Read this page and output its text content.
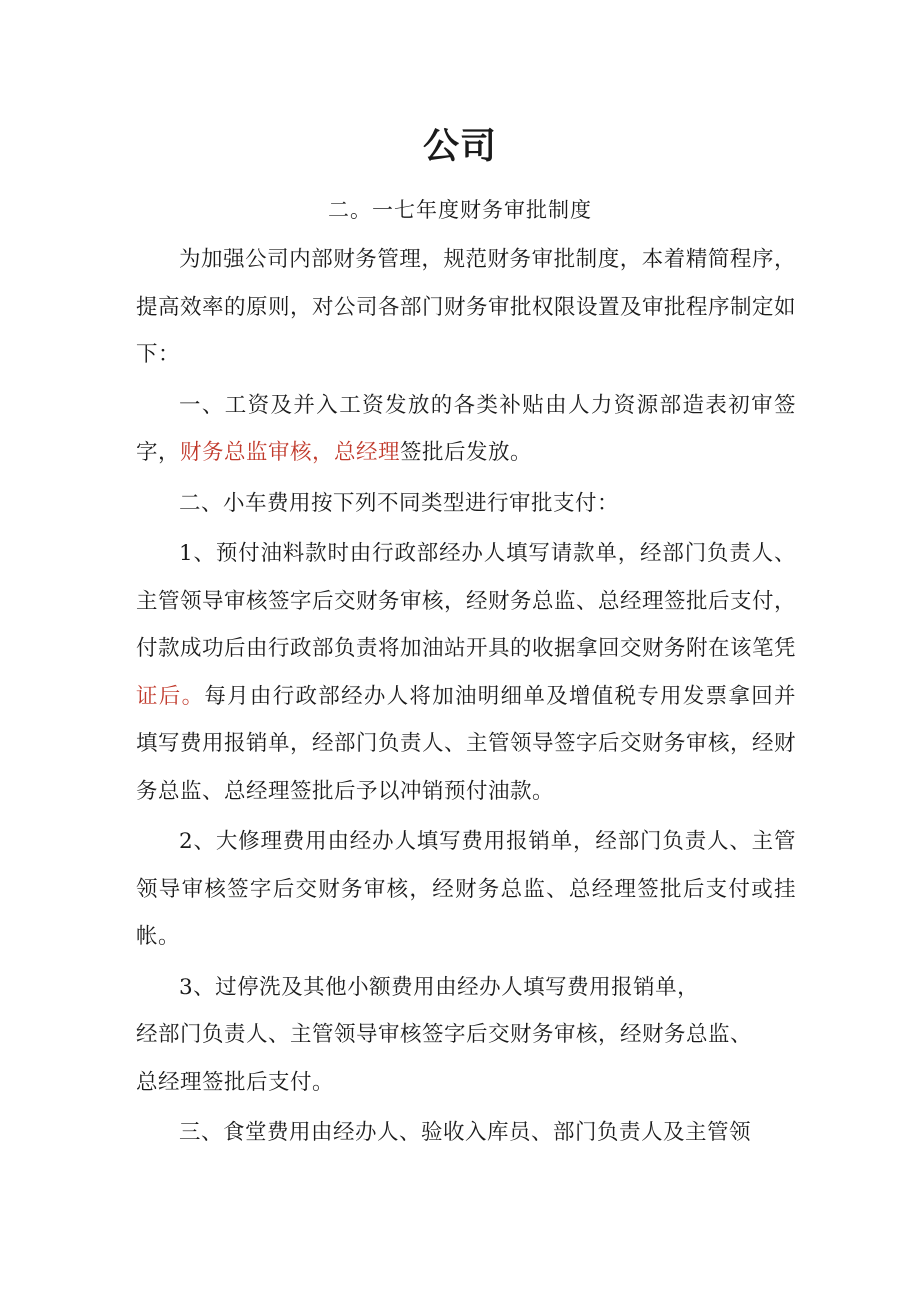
公司
二。一七年度财务审批制度

为加强公司内部财务管理，规范财务审批制度，本着精简程序，提高效率的原则，对公司各部门财务审批权限设置及审批程序制定如下：

一、工资及并入工资发放的各类补贴由人力资源部造表初审签字，财务总监审核，总经理签批后发放。

二、小车费用按下列不同类型进行审批支付：

1、预付油料款时由行政部经办人填写请款单，经部门负责人、主管领导审核签字后交财务审核，经财务总监、总经理签批后支付，付款成功后由行政部负责将加油站开具的收据拿回交财务附在该笔凭证后。每月由行政部经办人将加油明细单及增值税专用发票拿回并填写费用报销单，经部门负责人、主管领导签字后交财务审核，经财务总监、总经理签批后予以冲销预付油款。

2、大修理费用由经办人填写费用报销单，经部门负责人、主管领导审核签字后交财务审核，经财务总监、总经理签批后支付或挂帐。

3、过停洗及其他小额费用由经办人填写费用报销单，
经部门负责人、主管领导审核签字后交财务审核，经财务总监、
总经理签批后支付。

三、食堂费用由经办人、验收入库员、部门负责人及主管领
